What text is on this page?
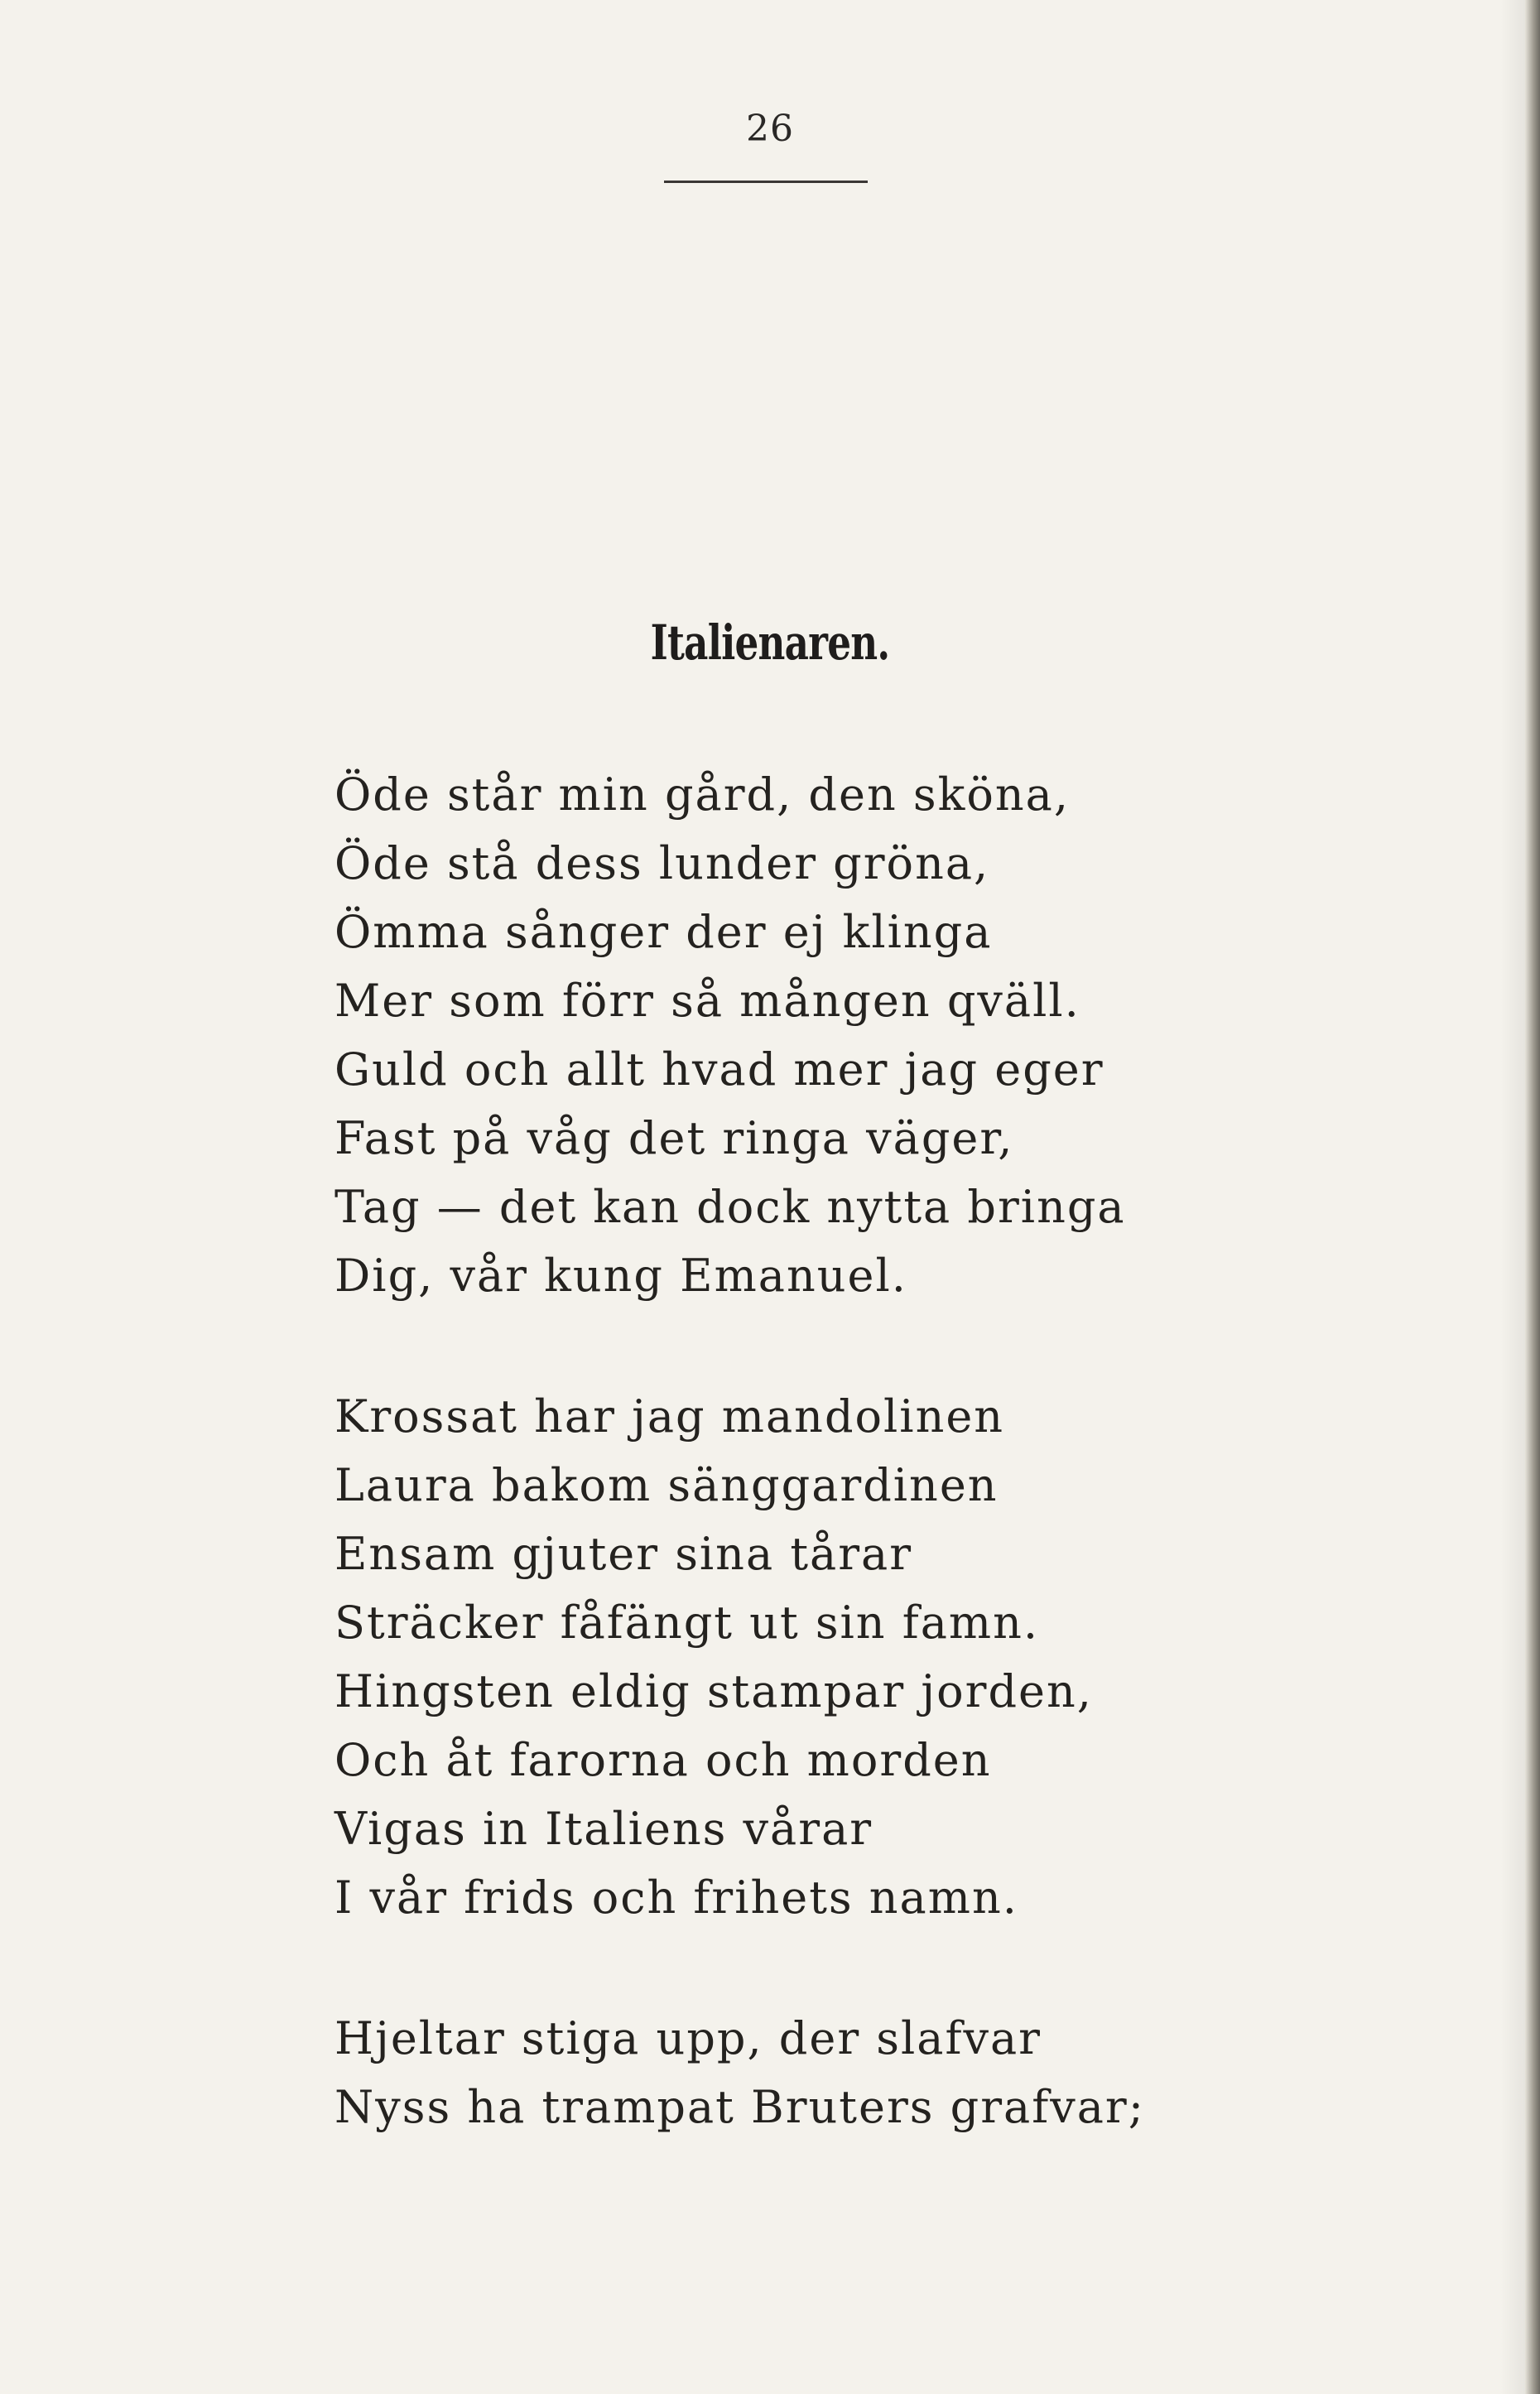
26
Italienaren.
Öde står min gård, den sköna,
Öde stå dess lunder gröna,
Ömma sånger der ej klinga
Mer som förr så mången qväll.
Guld och allt hvad mer jag eger
Fast på våg det ringa väger,
Tag — det kan dock nytta bringa
Dig, vår kung Emanuel.
Krossat har jag mandolinen
Laura bakom sänggardinen
Ensam gjuter sina tårar
Sträcker fåfängt ut sin famn.
Hingsten eldig stampar jorden,
Och åt farorna och morden
Vigas in Italiens vårar
I vår frids och frihets namn.
Hjeltar stiga upp, der slafvar
Nyss ha trampat Bruters grafvar;
